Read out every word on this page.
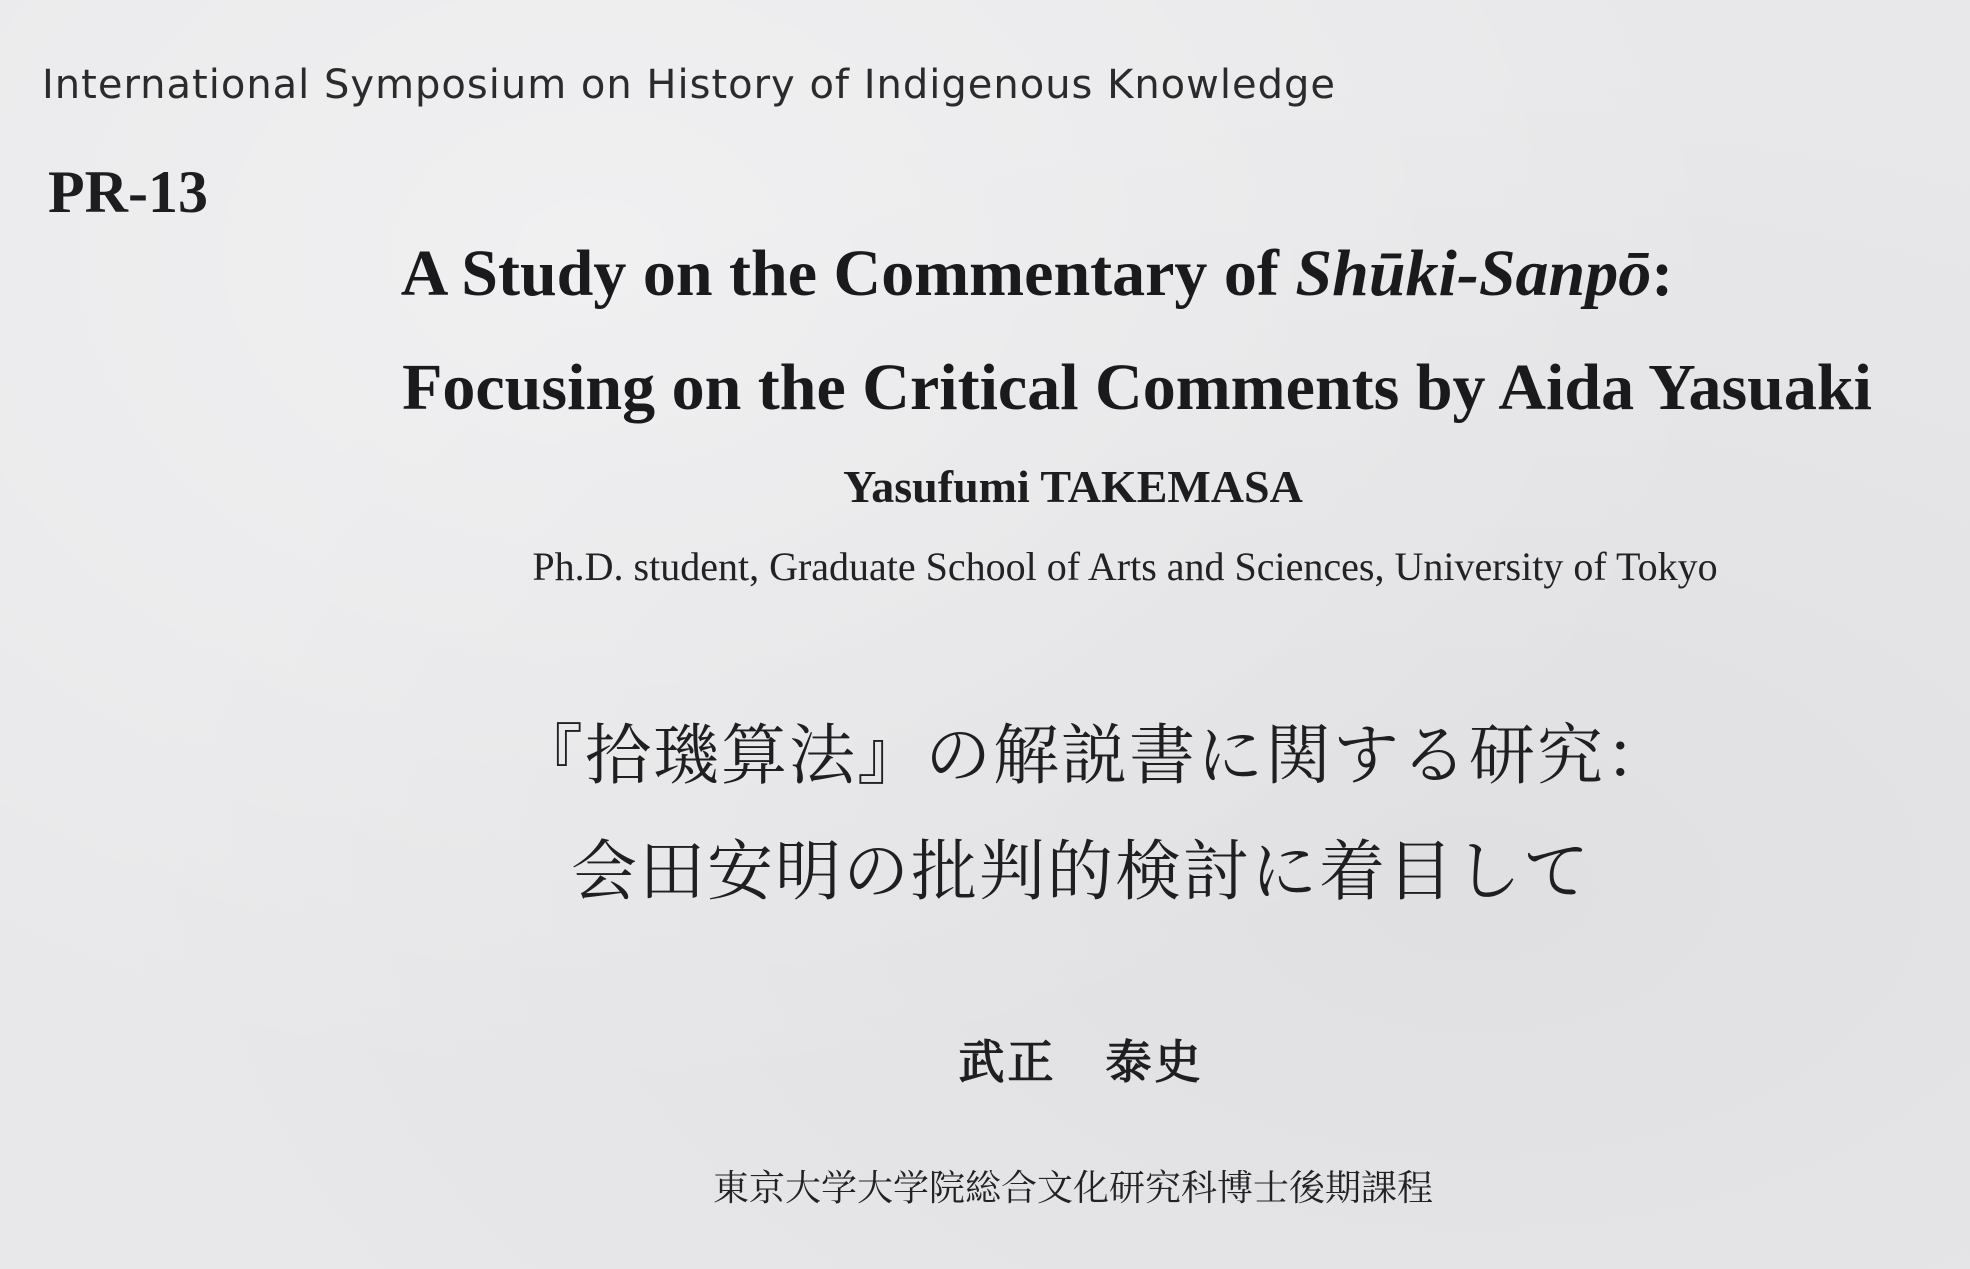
International Symposium on History of Indigenous Knowledge
PR-13
A Study on the Commentary of Shūki-Sanpō:
Focusing on the Critical Comments by Aida Yasuaki
Yasufumi TAKEMASA
Ph.D. student, Graduate School of Arts and Sciences, University of Tokyo
『拾璣算法』の解説書に関する研究：
会田安明の批判的検討に着目して
武正　泰史
東京大学大学院総合文化研究科博士後期課程
